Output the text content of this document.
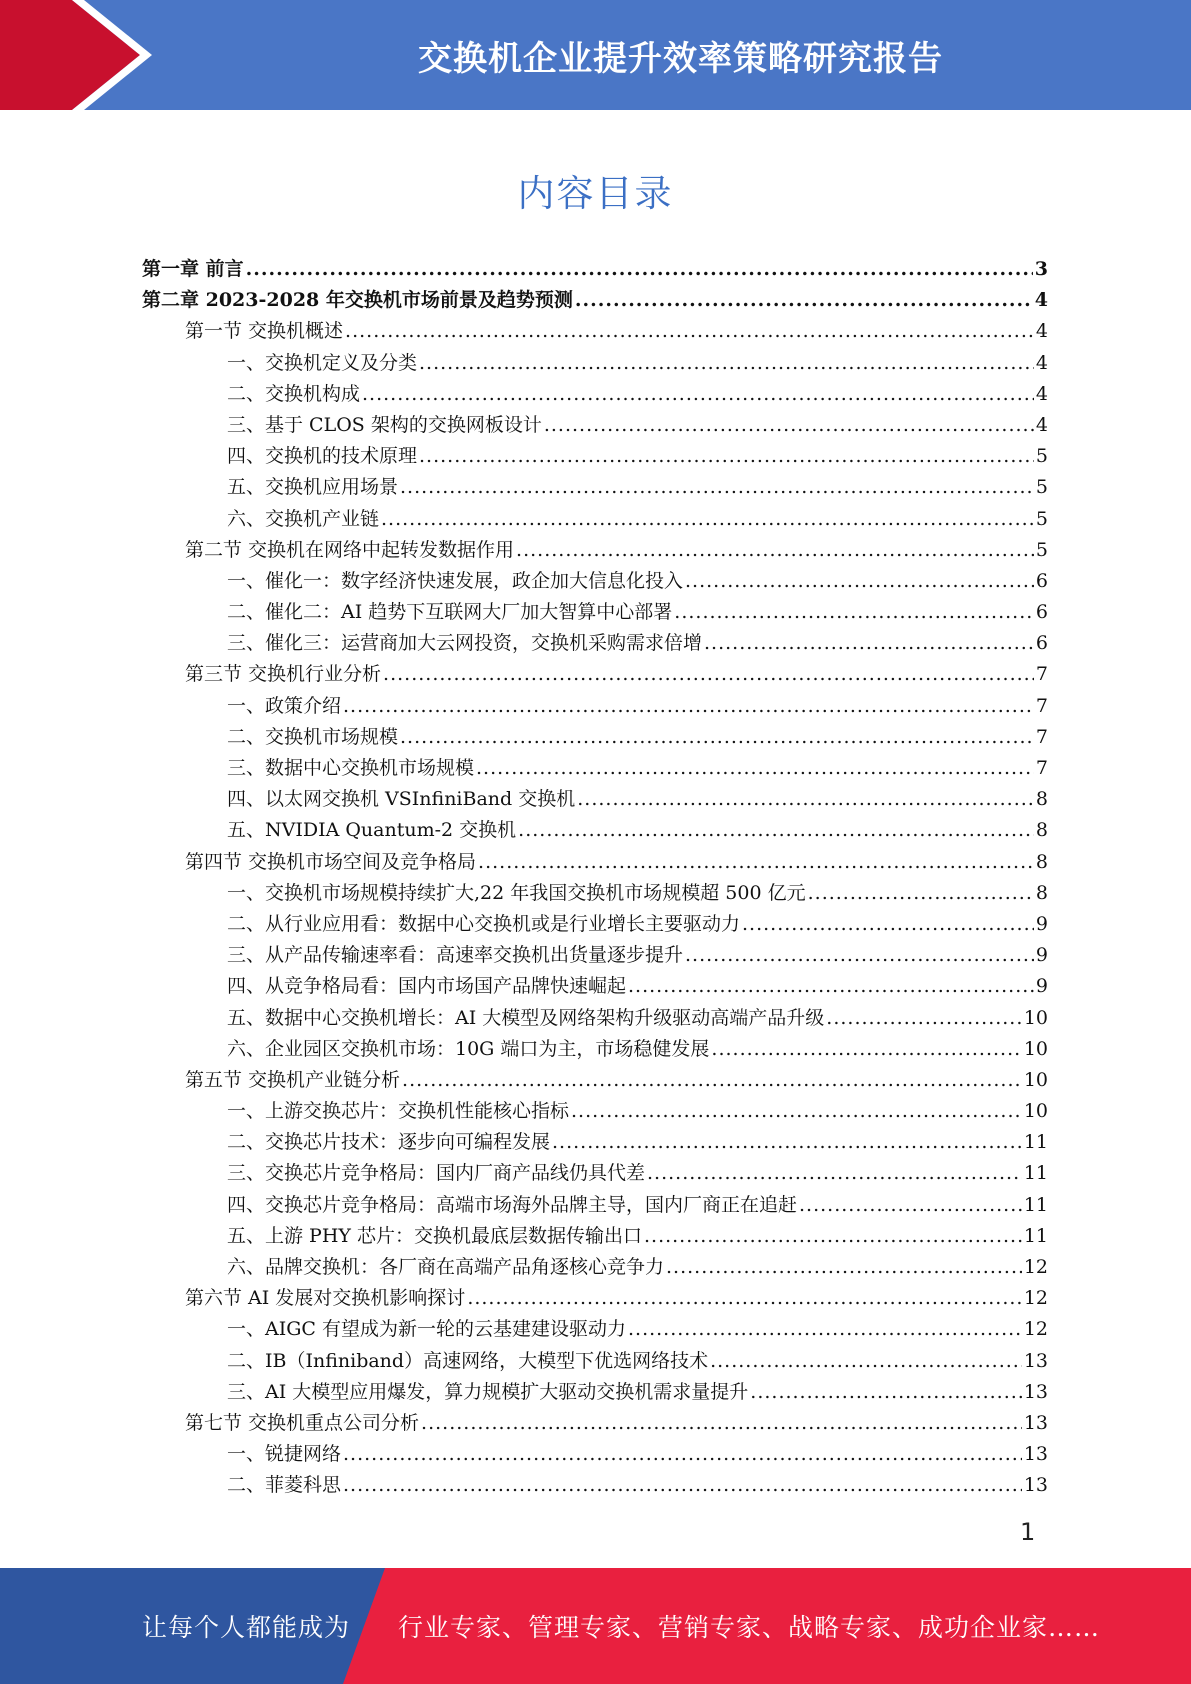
交换机企业提升效率策略研究报告
内容目录
第一章 前言 .....	3
第二章 2023-2028 年交换机市场前景及趋势预测 .....	4
第一节 交换机概述 .....	4
一、交换机定义及分类 .....	4
二、交换机构成 .....	4
三、基于 CLOS 架构的交换网板设计 .....	4
四、交换机的技术原理 .....	5
五、交换机应用场景 .....	5
六、交换机产业链 .....	5
第二节 交换机在网络中起转发数据作用 .....	5
一、催化一：数字经济快速发展，政企加大信息化投入 .....	6
二、催化二：AI 趋势下互联网大厂加大智算中心部署 .....	6
三、催化三：运营商加大云网投资，交换机采购需求倍增 .....	6
第三节 交换机行业分析 .....	7
一、政策介绍 .....	7
二、交换机市场规模 .....	7
三、数据中心交换机市场规模 .....	7
四、以太网交换机 VSInfiniBand 交换机 .....	8
五、NVIDIA Quantum-2 交换机 .....	8
第四节 交换机市场空间及竞争格局 .....	8
一、交换机市场规模持续扩大,22 年我国交换机市场规模超 500 亿元 .....	8
二、从行业应用看：数据中心交换机或是行业增长主要驱动力 .....	9
三、从产品传输速率看：高速率交换机出货量逐步提升 .....	9
四、从竞争格局看：国内市场国产品牌快速崛起 .....	9
五、数据中心交换机增长：AI 大模型及网络架构升级驱动高端产品升级 .....	10
六、企业园区交换机市场：10G 端口为主，市场稳健发展 .....	10
第五节 交换机产业链分析 .....	10
一、上游交换芯片：交换机性能核心指标 .....	10
二、交换芯片技术：逐步向可编程发展 .....	11
三、交换芯片竞争格局：国内厂商产品线仍具代差 .....	11
四、交换芯片竞争格局：高端市场海外品牌主导，国内厂商正在追赶 .....	11
五、上游 PHY 芯片：交换机最底层数据传输出口 .....	11
六、品牌交换机：各厂商在高端产品角逐核心竞争力 .....	12
第六节 AI 发展对交换机影响探讨 .....	12
一、AIGC 有望成为新一轮的云基建建设驱动力 .....	12
二、IB（Infiniband）高速网络，大模型下优选网络技术 .....	13
三、AI 大模型应用爆发，算力规模扩大驱动交换机需求量提升 .....	13
第七节 交换机重点公司分析 .....	13
一、锐捷网络 .....	13
二、菲菱科思 .....	13
1
让每个人都能成为 行业专家、管理专家、营销专家、战略专家、成功企业家……
